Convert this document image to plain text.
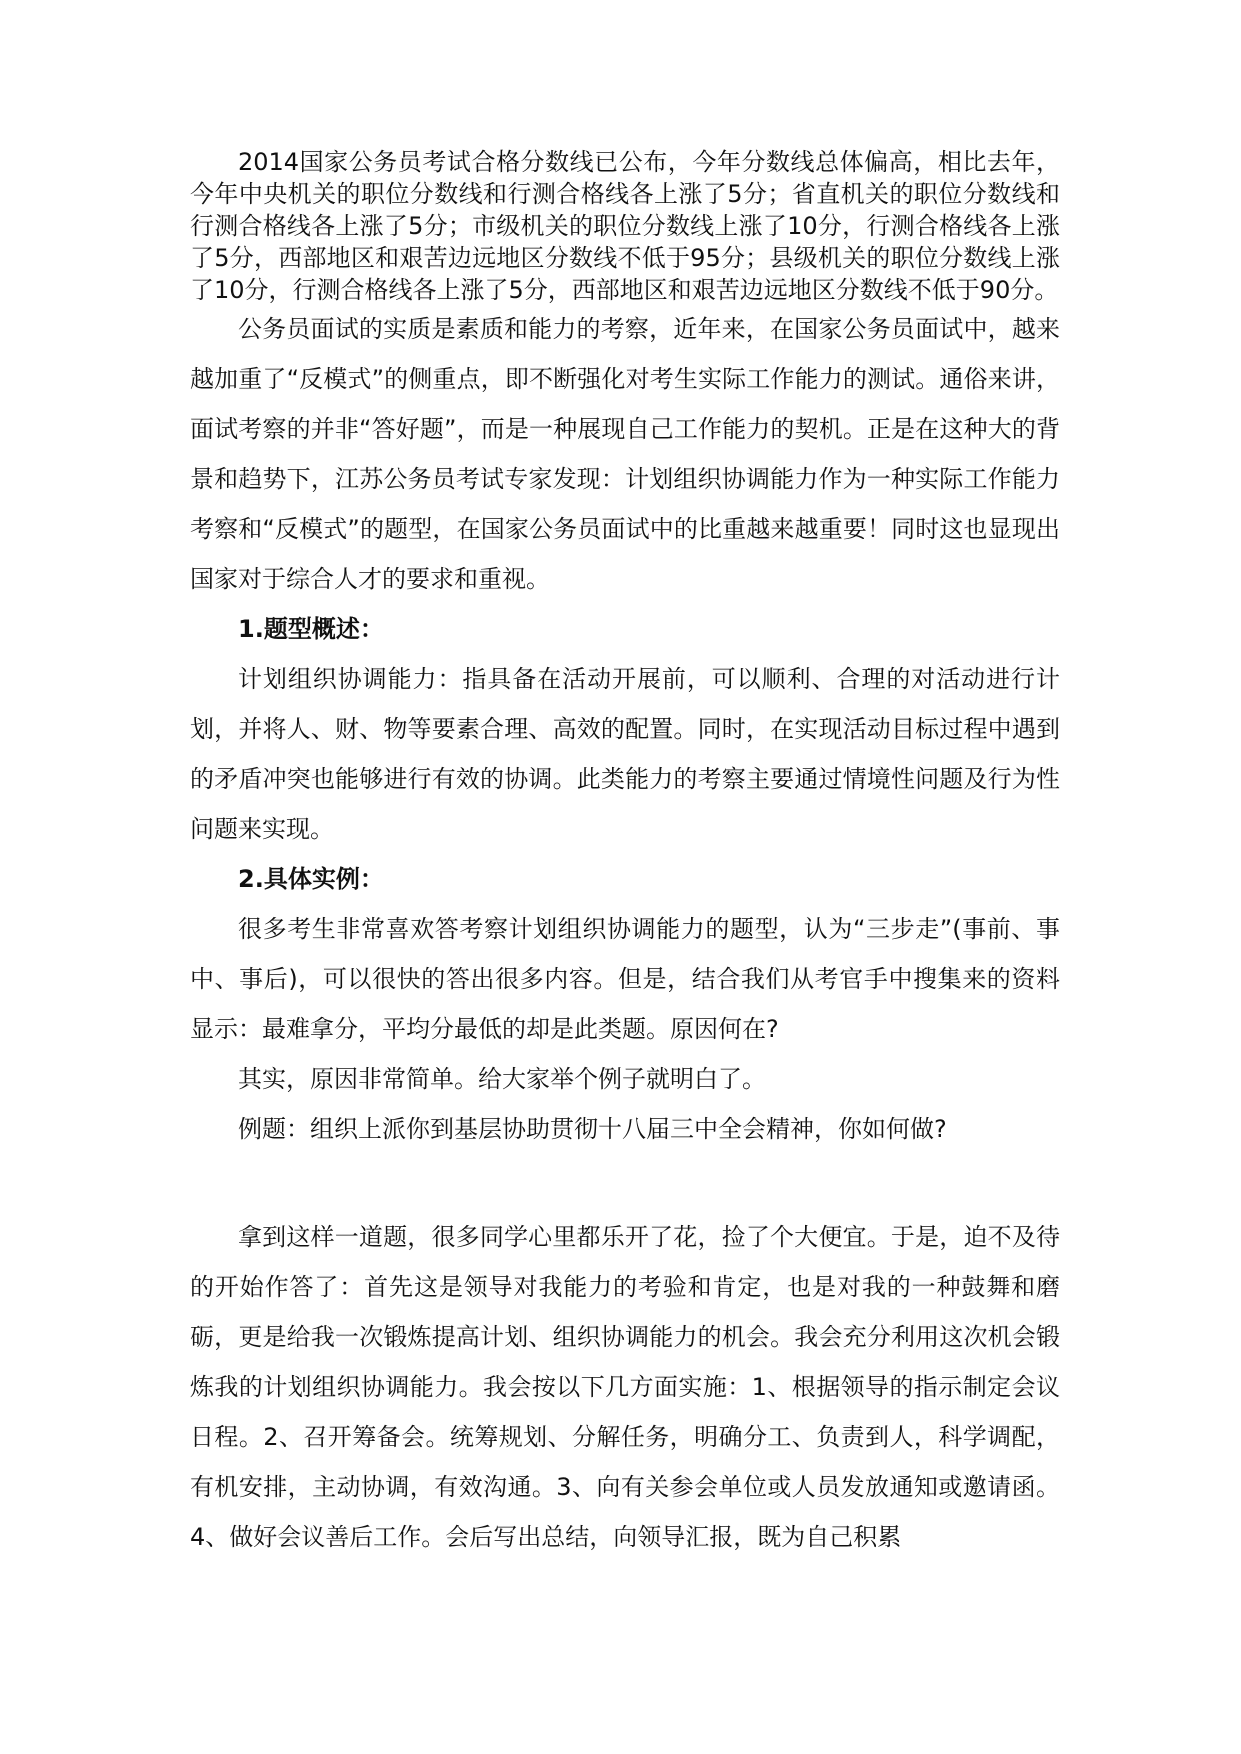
2014国家公务员考试合格分数线已公布，今年分数线总体偏高，相比去年，今年中央机关的职位分数线和行测合格线各上涨了5分；省直机关的职位分数线和行测合格线各上涨了5分；市级机关的职位分数线上涨了10分，行测合格线各上涨了5分，西部地区和艰苦边远地区分数线不低于95分；县级机关的职位分数线上涨了10分，行测合格线各上涨了5分，西部地区和艰苦边远地区分数线不低于90分。

公务员面试的实质是素质和能力的考察，近年来，在国家公务员面试中，越来越加重了“反模式”的侧重点，即不断强化对考生实际工作能力的测试。通俗来讲，面试考察的并非“答好题”，而是一种展现自己工作能力的契机。正是在这种大的背景和趋势下，江苏公务员考试专家发现：计划组织协调能力作为一种实际工作能力考察和“反模式”的题型，在国家公务员面试中的比重越来越重要！同时这也显现出国家对于综合人才的要求和重视。

1.题型概述：

计划组织协调能力：指具备在活动开展前，可以顺利、合理的对活动进行计划，并将人、财、物等要素合理、高效的配置。同时，在实现活动目标过程中遇到的矛盾冲突也能够进行有效的协调。此类能力的考察主要通过情境性问题及行为性问题来实现。

2.具体实例：

很多考生非常喜欢答考察计划组织协调能力的题型，认为“三步走”(事前、事中、事后)，可以很快的答出很多内容。但是，结合我们从考官手中搜集来的资料显示：最难拿分，平均分最低的却是此类题。原因何在?

其实，原因非常简单。给大家举个例子就明白了。

例题：组织上派你到基层协助贯彻十八届三中全会精神，你如何做?

拿到这样一道题，很多同学心里都乐开了花，捡了个大便宜。于是，迫不及待的开始作答了：首先这是领导对我能力的考验和肯定，也是对我的一种鼓舞和磨砺，更是给我一次锻炼提高计划、组织协调能力的机会。我会充分利用这次机会锻炼我的计划组织协调能力。我会按以下几方面实施：1、根据领导的指示制定会议日程。2、召开筹备会。统筹规划、分解任务，明确分工、负责到人，科学调配，有机安排，主动协调，有效沟通。3、向有关参会单位或人员发放通知或邀请函。4、做好会议善后工作。会后写出总结，向领导汇报，既为自己积累
